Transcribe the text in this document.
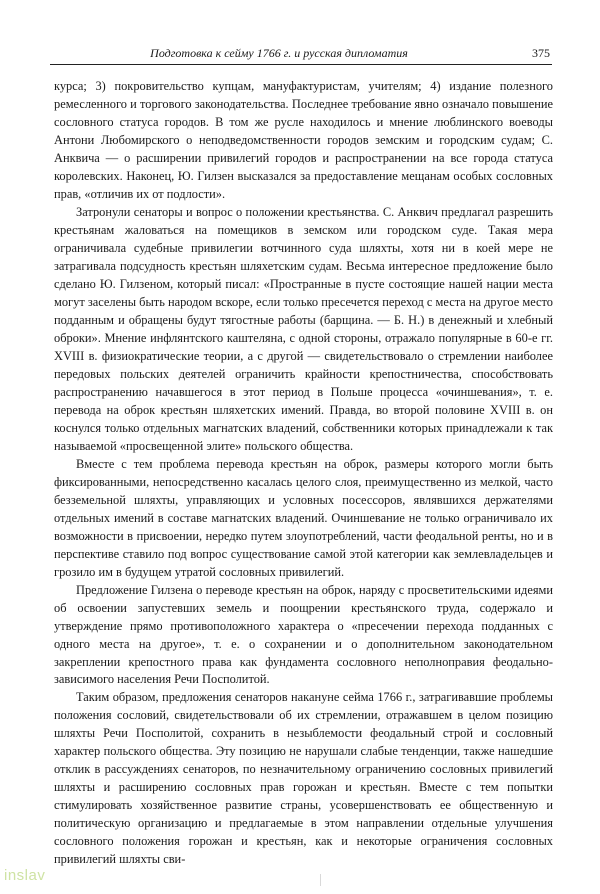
Подготовка к сейму 1766 г. и русская дипломатия	375

курса; 3) покровительство купцам, мануфактуристам, учителям; 4) издание полезного ремесленного и торгового законодательства. Последнее требование явно означало повышение сословного статуса городов. В том же русле находилось и мнение люблинского воеводы Антони Любомирского о неподведомственности городов земским и городским судам; С. Анквича — о расширении привилегий городов и распространении на все города статуса королевских. Наконец, Ю. Гилзен высказался за предоставление мещанам особых сословных прав, «отличив их от подлости».

Затронули сенаторы и вопрос о положении крестьянства. С. Анквич предлагал разрешить крестьянам жаловаться на помещиков в земском или городском суде. Такая мера ограничивала судебные привилегии вотчинного суда шляхты, хотя ни в коей мере не затрагивала подсудность крестьян шляхетским судам. Весьма интересное предложение было сделано Ю. Гилзеном, который писал: «Пространные в пусте состоящие нашей нации места могут заселены быть народом вскоре, если только пресечется переход с места на другое место подданным и обращены будут тягостные работы (барщина. — Б. Н.) в денежный и хлебный оброки». Мнение инфлянтского каштеляна, с одной стороны, отражало популярные в 60-е гг. XVIII в. физиократические теории, а с другой — свидетельствовало о стремлении наиболее передовых польских деятелей ограничить крайности крепостничества, способствовать распространению начавшегося в этот период в Польше процесса «очиншевания», т. е. перевода на оброк крестьян шляхетских имений. Правда, во второй половине XVIII в. он коснулся только отдельных магнатских владений, собственники которых принадлежали к так называемой «просвещенной элите» польского общества.

Вместе с тем проблема перевода крестьян на оброк, размеры которого могли быть фиксированными, непосредственно касалась целого слоя, преимущественно из мелкой, часто безземельной шляхты, управляющих и условных посессоров, являвшихся держателями отдельных имений в составе магнатских владений. Очиншевание не только ограничивало их возможности в присвоении, нередко путем злоупотреблений, части феодальной ренты, но и в перспективе ставило под вопрос существование самой этой категории как землевладельцев и грозило им в будущем утратой сословных привилегий.

Предложение Гилзена о переводе крестьян на оброк, наряду с просветительскими идеями об освоении запустевших земель и поощрении крестьянского труда, содержало и утверждение прямо противоположного характера о «пресечении перехода подданных с одного места на другое», т. е. о сохранении и о дополнительном законодательном закреплении крепостного права как фундамента сословного неполноправия феодально-зависимого населения Речи Посполитой.

Таким образом, предложения сенаторов накануне сейма 1766 г., затрагивавшие проблемы положения сословий, свидетельствовали об их стремлении, отражавшем в целом позицию шляхты Речи Посполитой, сохранить в незыблемости феодальный строй и сословный характер польского общества. Эту позицию не нарушали слабые тенденции, также нашедшие отклик в рассуждениях сенаторов, по незначительному ограничению сословных привилегий шляхты и расширению сословных прав горожан и крестьян. Вместе с тем попытки стимулировать хозяйственное развитие страны, усовершенствовать ее общественную и политическую организацию и предлагаемые в этом направлении отдельные улучшения сословного положения горожан и крестьян, как и некоторые ограничения сословных привилегий шляхты сви-

inslav
